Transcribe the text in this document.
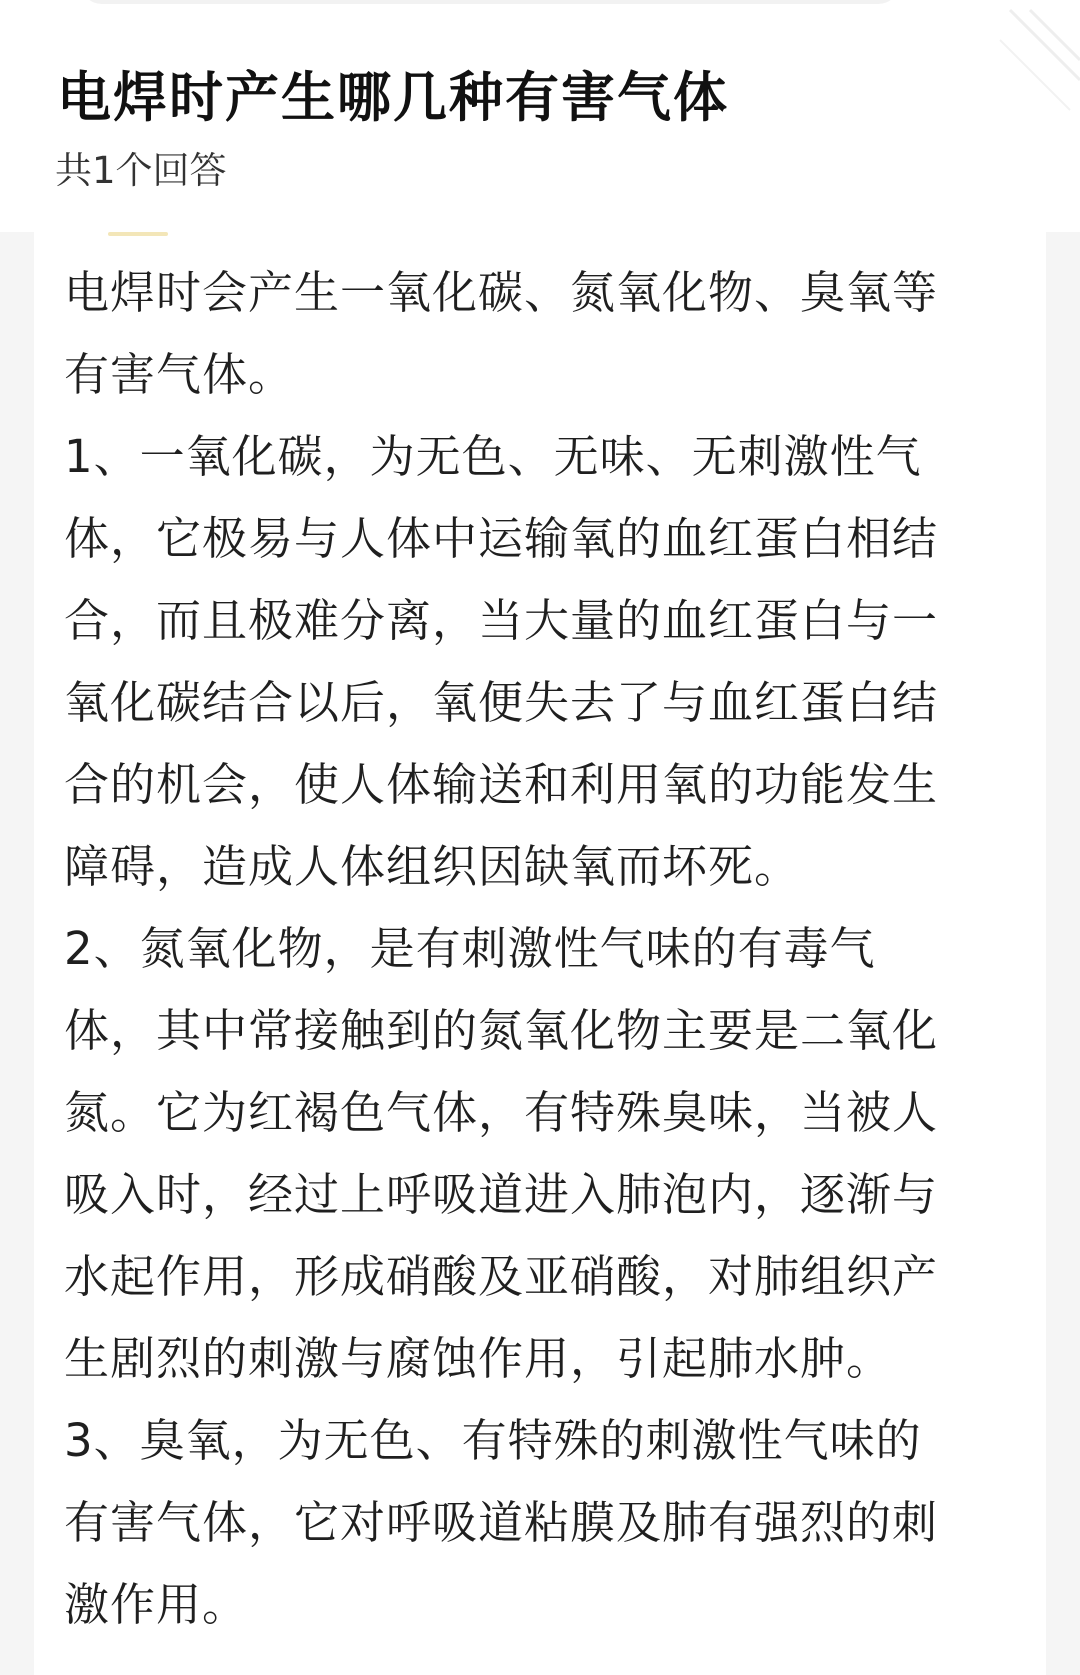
电焊时产生哪几种有害气体
共1个回答
电焊时会产生一氧化碳、氮氧化物、臭氧等
有害气体。
1、一氧化碳，为无色、无味、无刺激性气
体，它极易与人体中运输氧的血红蛋白相结
合，而且极难分离，当大量的血红蛋白与一
氧化碳结合以后，氧便失去了与血红蛋白结
合的机会，使人体输送和利用氧的功能发生
障碍，造成人体组织因缺氧而坏死。
2、氮氧化物，是有刺激性气味的有毒气
体，其中常接触到的氮氧化物主要是二氧化
氮。它为红褐色气体，有特殊臭味，当被人
吸入时，经过上呼吸道进入肺泡内，逐渐与
水起作用，形成硝酸及亚硝酸，对肺组织产
生剧烈的刺激与腐蚀作用，引起肺水肿。
3、臭氧，为无色、有特殊的刺激性气味的
有害气体，它对呼吸道粘膜及肺有强烈的刺
激作用。
